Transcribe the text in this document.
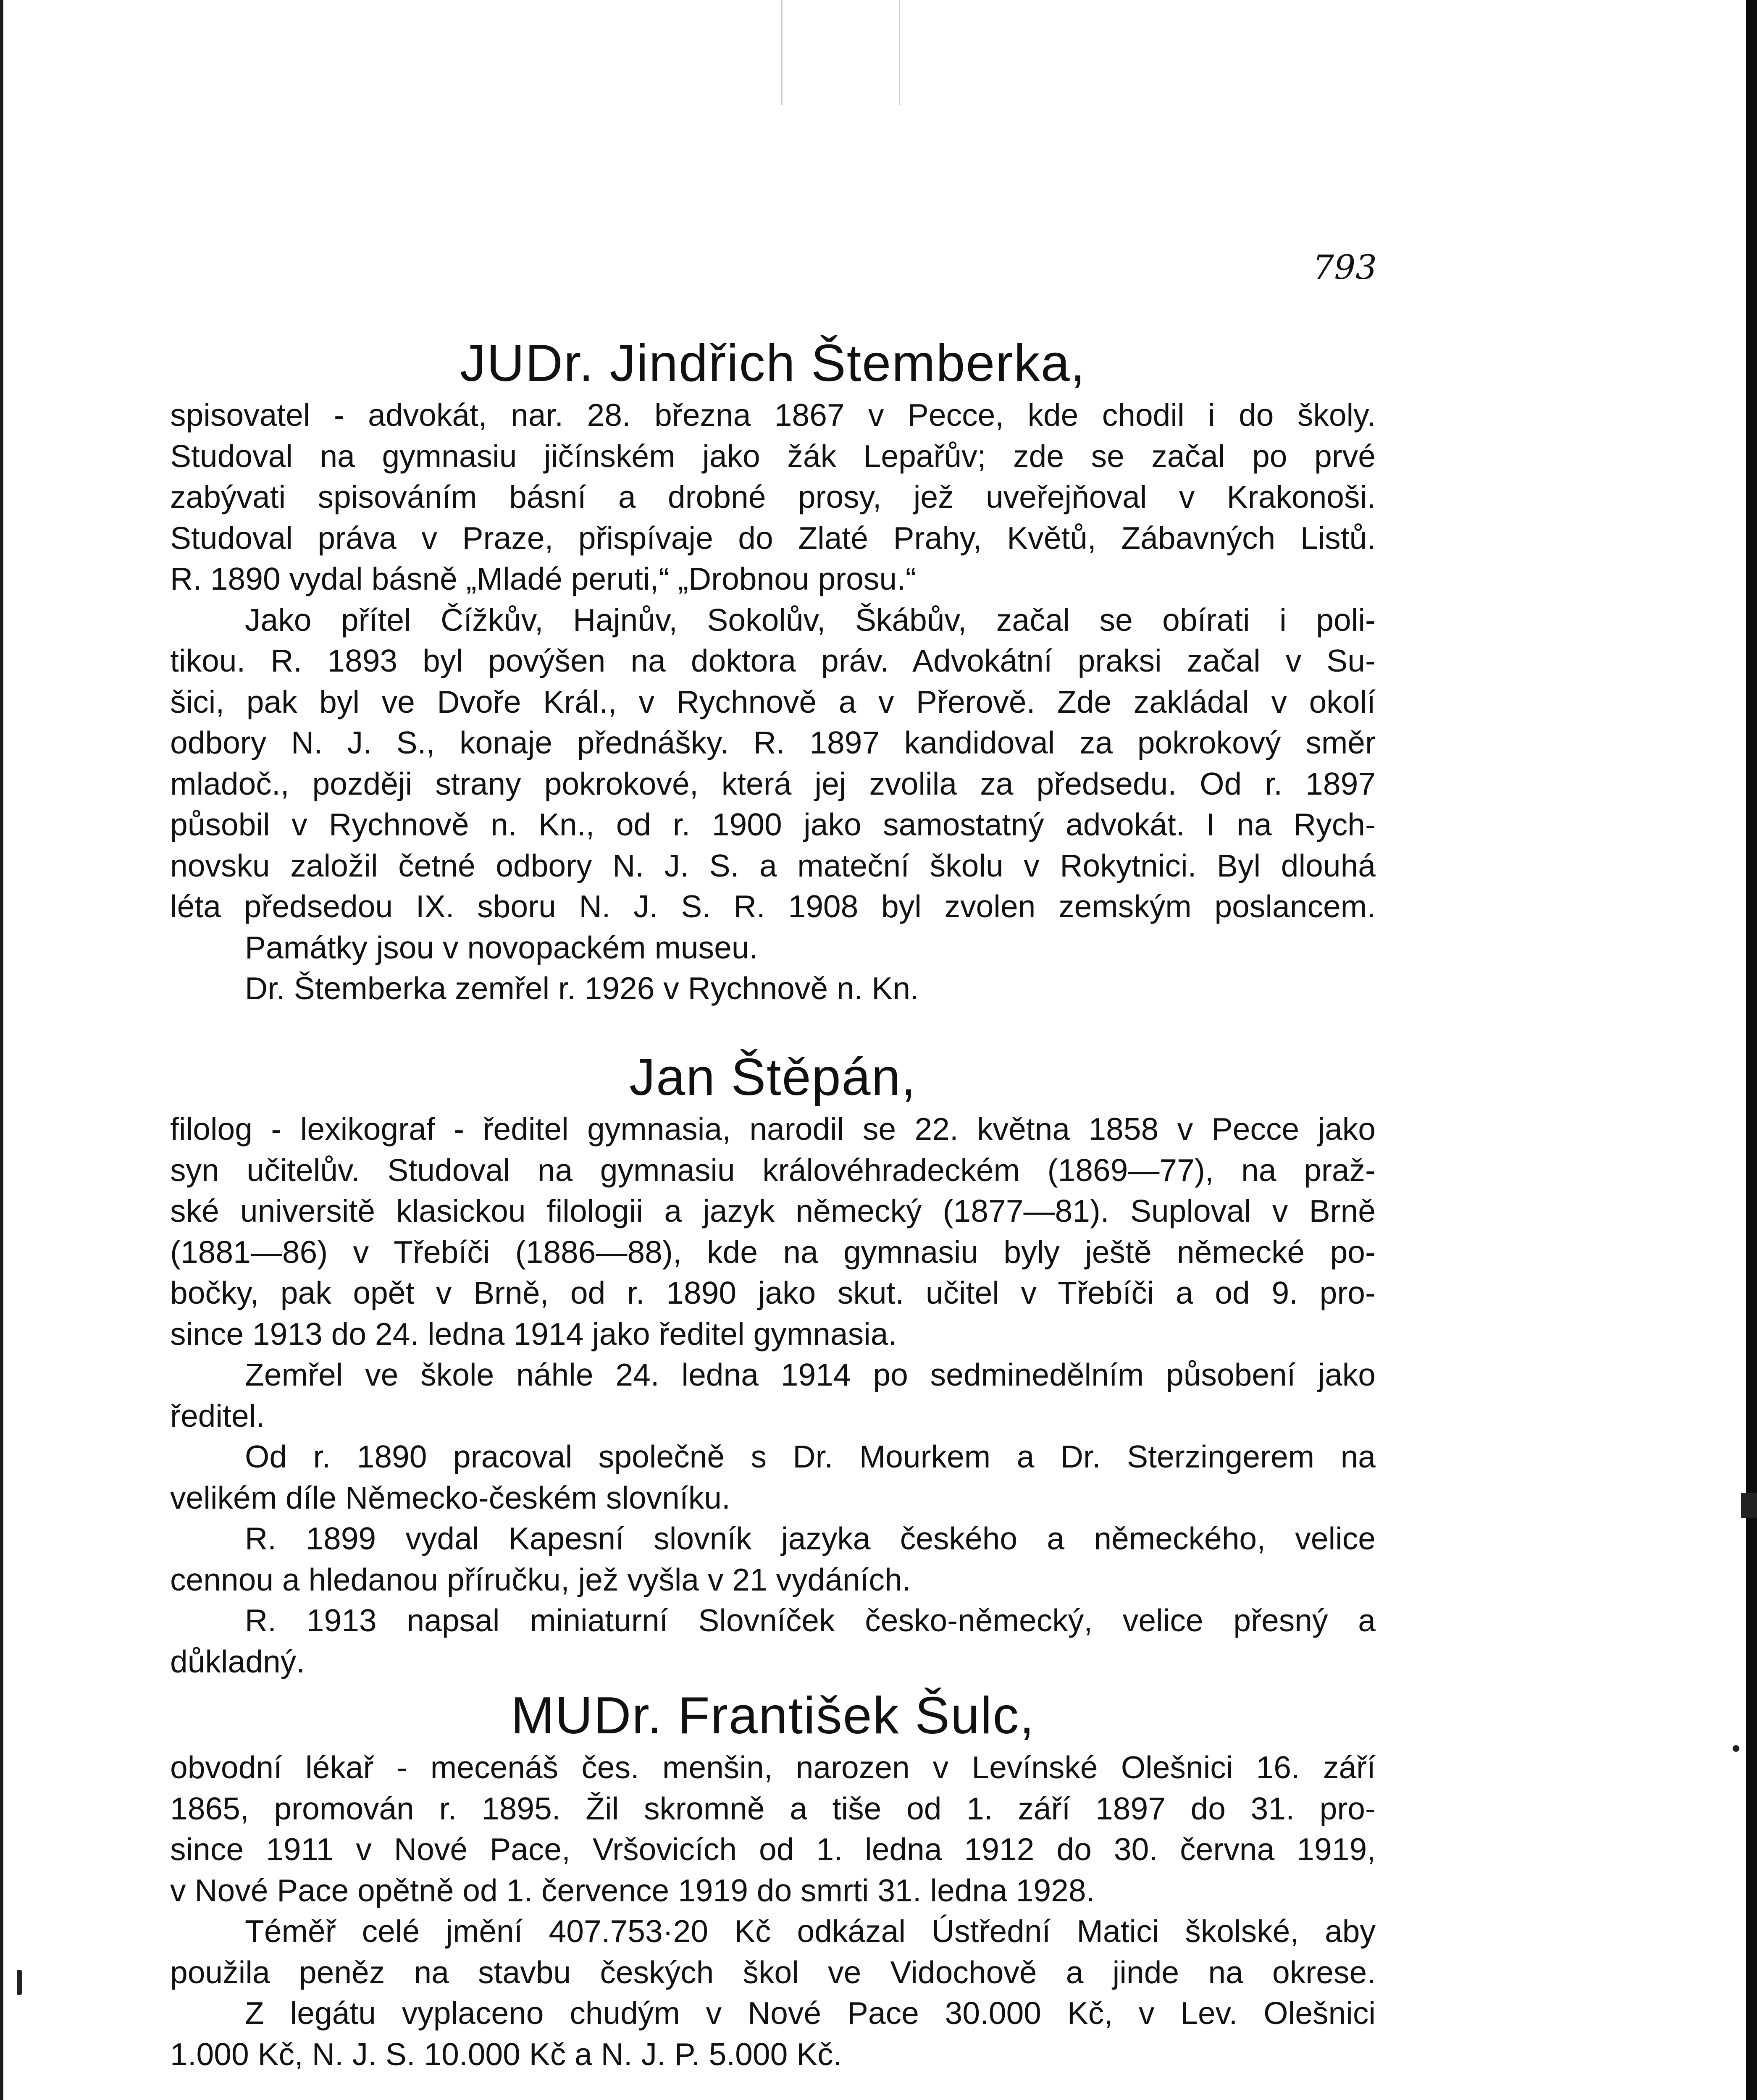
793
JUDr. Jindřich Štemberka,

spisovatel - advokát, nar. 28. března 1867 v Pecce, kde chodil i do školy.

Studoval na gymnasiu jičínském jako žák Lepařův; zde se začal po prvé

zabývati spisováním básní a drobné prosy, jež uveřejňoval v Krakonoši.

Studoval práva v Praze, přispívaje do Zlaté Prahy, Květů, Zábavných Listů.

R. 1890 vydal básně „Mladé peruti,“ „Drobnou prosu.“

Jako přítel Čížkův, Hajnův, Sokolův, Škábův, začal se obírati i poli-

tikou. R. 1893 byl povýšen na doktora práv. Advokátní praksi začal v Su-

šici, pak byl ve Dvoře Král., v Rychnově a v Přerově. Zde zakládal v okolí

odbory N. J. S., konaje přednášky. R. 1897 kandidoval za pokrokový směr

mladoč., později strany pokrokové, která jej zvolila za předsedu. Od r. 1897

působil v Rychnově n. Kn., od r. 1900 jako samostatný advokát. I na Rych-

novsku založil četné odbory N. J. S. a mateční školu v Rokytnici. Byl dlouhá

léta předsedou IX. sboru N. J. S. R. 1908 byl zvolen zemským poslancem.

Památky jsou v novopackém museu.

Dr. Štemberka zemřel r. 1926 v Rychnově n. Kn.

Jan Štěpán,

filolog - lexikograf - ředitel gymnasia, narodil se 22. května 1858 v Pecce jako

syn učitelův. Studoval na gymnasiu královéhradeckém (1869—77), na praž-

ské universitě klasickou filologii a jazyk německý (1877—81). Suploval v Brně

(1881—86) v Třebíči (1886—88), kde na gymnasiu byly ještě německé po-

bočky, pak opět v Brně, od r. 1890 jako skut. učitel v Třebíči a od 9. pro-

since 1913 do 24. ledna 1914 jako ředitel gymnasia.

Zemřel ve škole náhle 24. ledna 1914 po sedminedělním působení jako

ředitel.

Od r. 1890 pracoval společně s Dr. Mourkem a Dr. Sterzingerem na

velikém díle Německo-českém slovníku.

R. 1899 vydal Kapesní slovník jazyka českého a německého, velice

cennou a hledanou příručku, jež vyšla v 21 vydáních.

R. 1913 napsal miniaturní Slovníček česko-německý, velice přesný a

důkladný.

MUDr. František Šulc,

obvodní lékař - mecenáš čes. menšin, narozen v Levínské Olešnici 16. září

1865, promován r. 1895. Žil skromně a tiše od 1. září 1897 do 31. pro-

since 1911 v Nové Pace, Vršovicích od 1. ledna 1912 do 30. června 1919,

v Nové Pace opětně od 1. července 1919 do smrti 31. ledna 1928.

Téměř celé jmění 407.753·20 Kč odkázal Ústřední Matici školské, aby

použila peněz na stavbu českých škol ve Vidochově a jinde na okrese.

Z legátu vyplaceno chudým v Nové Pace 30.000 Kč, v Lev. Olešnici

1.000 Kč, N. J. S. 10.000 Kč a N. J. P. 5.000 Kč.
